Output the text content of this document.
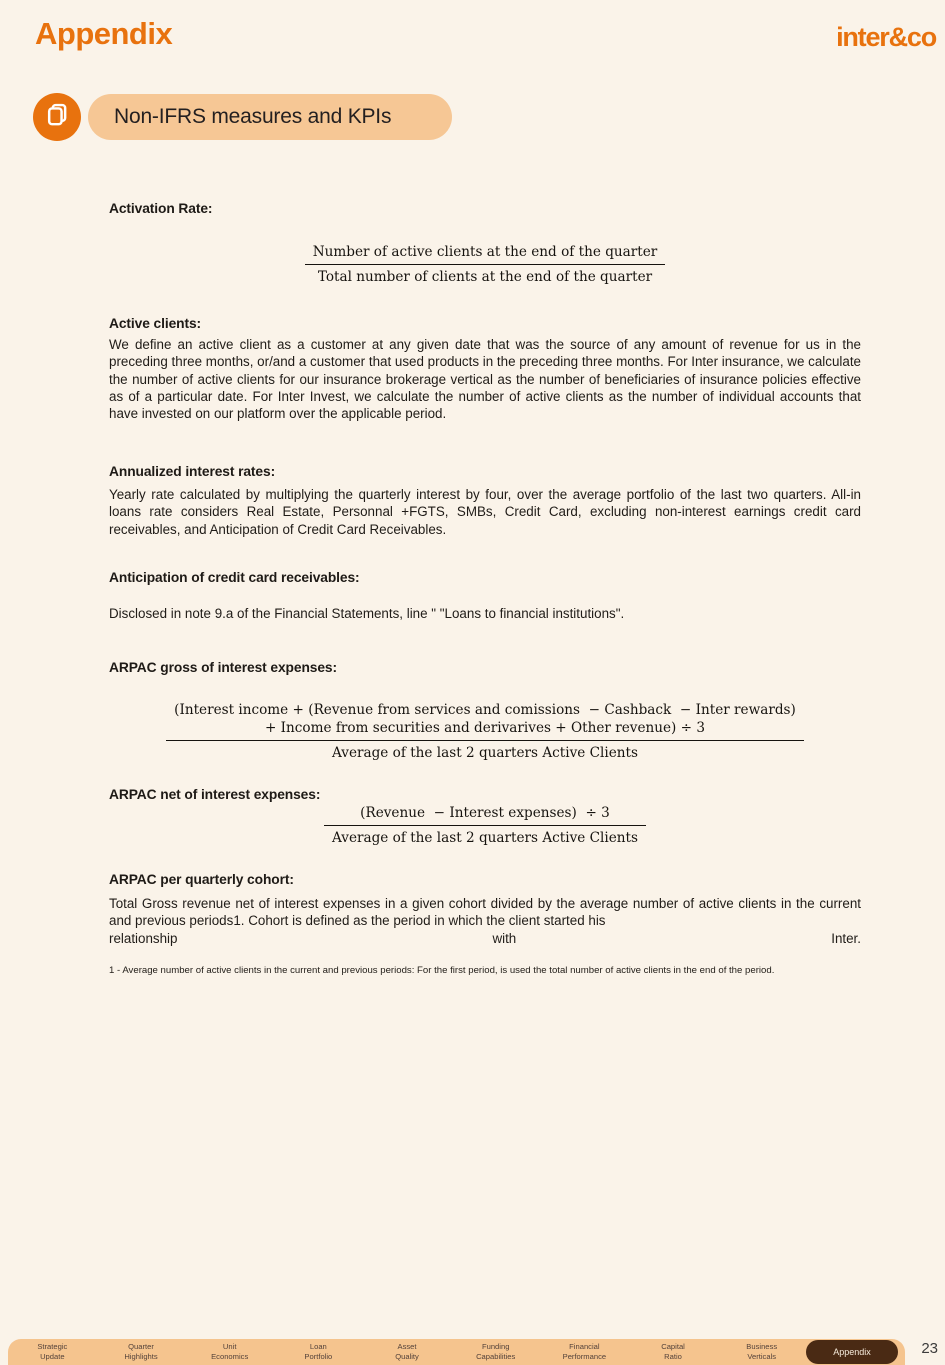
Appendix	inter&co
Non-IFRS measures and KPIs
Activation Rate:
$\frac{\text{Number of active clients at the end of the quarter}}{\text{Total number of clients at the end of the quarter}}$
Active clients:
We define an active client as a customer at any given date that was the source of any amount of revenue for us in the preceding three months, or/and a customer that used products in the preceding three months. For Inter insurance, we calculate the number of active clients for our insurance brokerage vertical as the number of beneficiaries of insurance policies effective as of a particular date. For Inter Invest, we calculate the number of active clients as the number of individual accounts that have invested on our platform over the applicable period.
Annualized interest rates:
Yearly rate calculated by multiplying the quarterly interest by four, over the average portfolio of the last two quarters. All-in loans rate considers Real Estate, Personnal +FGTS, SMBs, Credit Card, excluding non-interest earnings credit card receivables, and Anticipation of Credit Card Receivables.
Anticipation of credit card receivables:
Disclosed in note 9.a of the Financial Statements, line " "Loans to financial institutions".
ARPAC gross of interest expenses:
(Interest income + (Revenue from services and comissions  − Cashback  − Inter rewards)
+ Income from securities and derivarives + Other revenue) ÷ 3
Average of the last 2 quarters Active Clients
ARPAC net of interest expenses:
$\frac{\text{(Revenue  − Interest expenses)  ÷ 3}}{\text{Average of the last 2 quarters Active Clients}}$
ARPAC per quarterly cohort:
Total Gross revenue net of interest expenses in a given cohort divided by the average number of active clients in the current and previous periods1. Cohort is defined as the period in which the client started his
relationship	with	Inter.
1 - Average number of active clients in the current and previous periods: For the first period, is used the total number of active clients in the end of the period.
Strategic
Update
Quarter
Highlights
Unit
Economics
Loan
Portfolio
Asset
Quality
Funding
Capabilities
Financial
Performance
Capital
Ratio
Business
Verticals	Appendix	23
